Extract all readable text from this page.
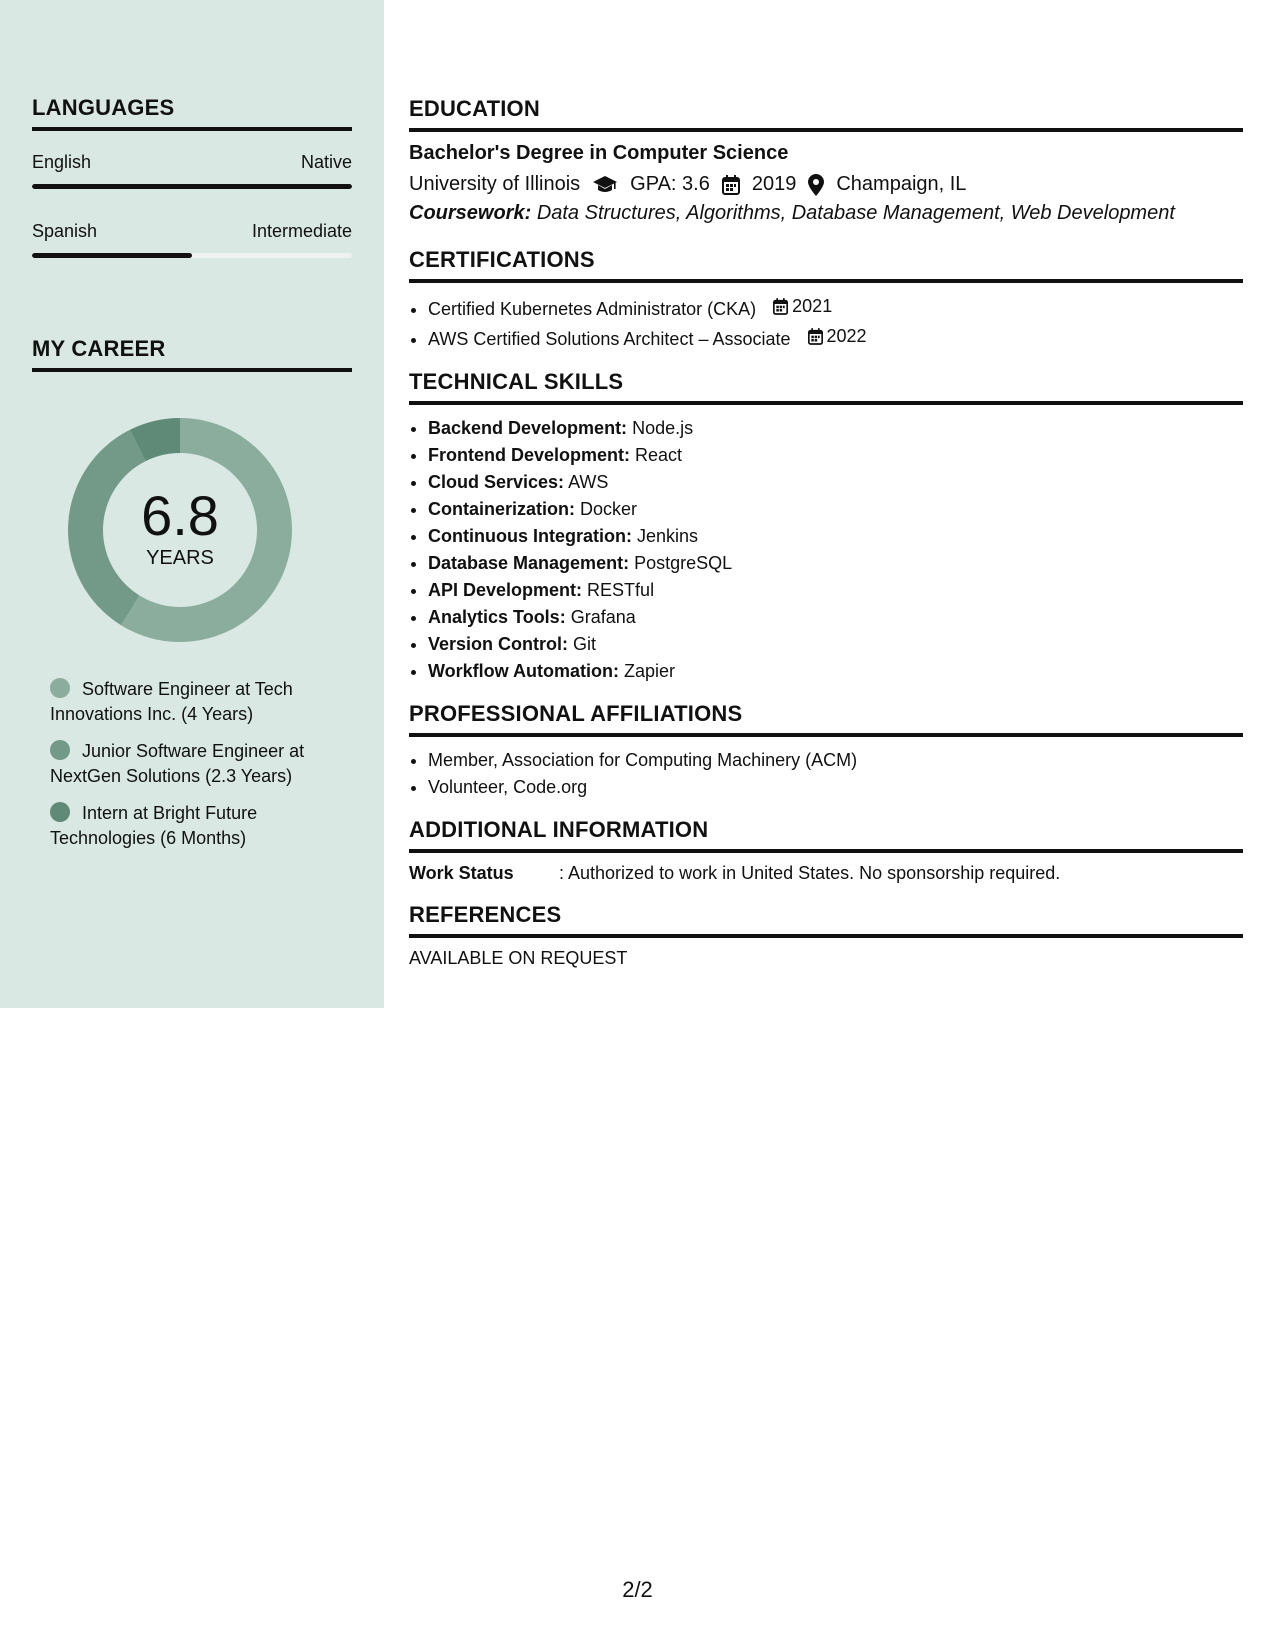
LANGUAGES
English	Native
Spanish	Intermediate
MY CAREER
6.8
YEARS
Software Engineer at Tech Innovations Inc. (4 Years)
Junior Software Engineer at NextGen Solutions (2.3 Years)
Intern at Bright Future Technologies (6 Months)
EDUCATION
Bachelor's Degree in Computer Science
University of Illinois	GPA: 3.6 2019 Champaign, IL
Coursework: Data Structures, Algorithms, Database Management, Web Development
CERTIFICATIONS
• Certified Kubernetes Administrator (CKA) 2021
• AWS Certified Solutions Architect – Associate 2022
TECHNICAL SKILLS
• Backend Development: Node.js
• Frontend Development: React
• Cloud Services: AWS
• Containerization: Docker
• Continuous Integration: Jenkins
• Database Management: PostgreSQL
• API Development: RESTful
• Analytics Tools: Grafana
• Version Control: Git
• Workflow Automation: Zapier
PROFESSIONAL AFFILIATIONS
• Member, Association for Computing Machinery (ACM)
• Volunteer, Code.org
ADDITIONAL INFORMATION
Work Status	: Authorized to work in United States. No sponsorship required.
REFERENCES
AVAILABLE ON REQUEST
2/2
